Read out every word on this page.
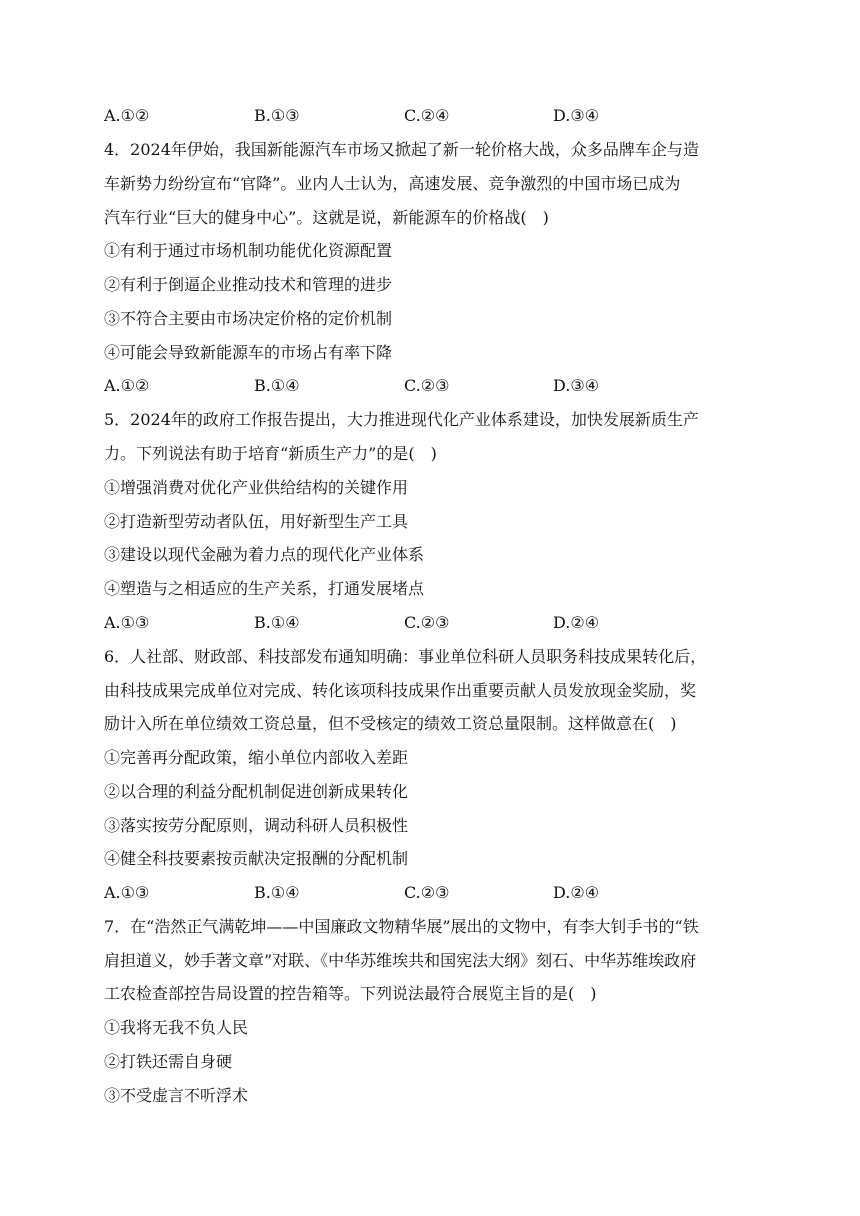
A.①②	B.①③	C.②④	D.③④
4．2024年伊始，我国新能源汽车市场又掀起了新一轮价格大战，众多品牌车企与造
车新势力纷纷宣布“官降”。业内人士认为，高速发展、竞争激烈的中国市场已成为
汽车行业“巨大的健身中心”。这就是说，新能源车的价格战(　)
①有利于通过市场机制功能优化资源配置
②有利于倒逼企业推动技术和管理的进步
③不符合主要由市场决定价格的定价机制
④可能会导致新能源车的市场占有率下降
A.①②	B.①④	C.②③	D.③④
5．2024年的政府工作报告提出，大力推进现代化产业体系建设，加快发展新质生产
力。下列说法有助于培育“新质生产力”的是(　)
①增强消费对优化产业供给结构的关键作用
②打造新型劳动者队伍，用好新型生产工具
③建设以现代金融为着力点的现代化产业体系
④塑造与之相适应的生产关系，打通发展堵点
A.①③	B.①④	C.②③	D.②④
6．人社部、财政部、科技部发布通知明确：事业单位科研人员职务科技成果转化后，
由科技成果完成单位对完成、转化该项科技成果作出重要贡献人员发放现金奖励，奖
励计入所在单位绩效工资总量，但不受核定的绩效工资总量限制。这样做意在(　)
①完善再分配政策，缩小单位内部收入差距
②以合理的利益分配机制促进创新成果转化
③落实按劳分配原则，调动科研人员积极性
④健全科技要素按贡献决定报酬的分配机制
A.①③	B.①④	C.②③	D.②④
7．在“浩然正气满乾坤——中国廉政文物精华展”展出的文物中，有李大钊手书的“铁
肩担道义，妙手著文章”对联、《中华苏维埃共和国宪法大纲》刻石、中华苏维埃政府
工农检查部控告局设置的控告箱等。下列说法最符合展览主旨的是(　)
①我将无我不负人民
②打铁还需自身硬
③不受虚言不听浮术
